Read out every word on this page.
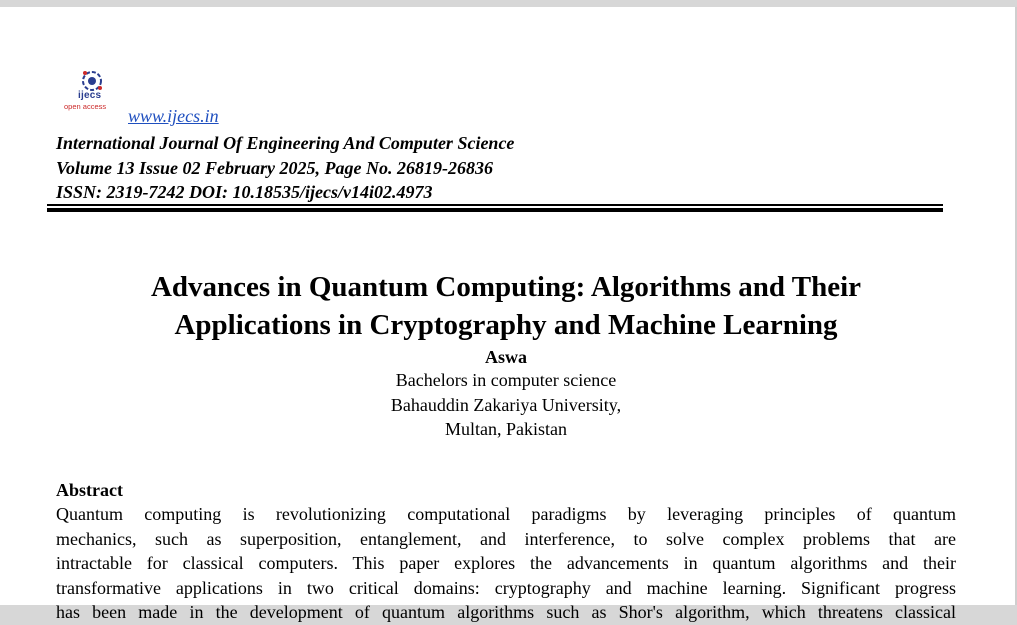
ijecs
open access www.ijecs.in
International Journal Of Engineering And Computer Science
Volume 13 Issue 02 February 2025, Page No. 26819-26836
ISSN: 2319-7242 DOI: 10.18535/ijecs/v14i02.4973
Advances in Quantum Computing: Algorithms and Their
Applications in Cryptography and Machine Learning
Aswa
Bachelors in computer science
Bahauddin Zakariya University,
Multan, Pakistan
Abstract
Quantum computing is revolutionizing computational paradigms by leveraging principles of quantum
mechanics, such as superposition, entanglement, and interference, to solve complex problems that are
intractable for classical computers. This paper explores the advancements in quantum algorithms and their
transformative applications in two critical domains: cryptography and machine learning. Significant progress
has been made in the development of quantum algorithms such as Shor's algorithm, which threatens classical
